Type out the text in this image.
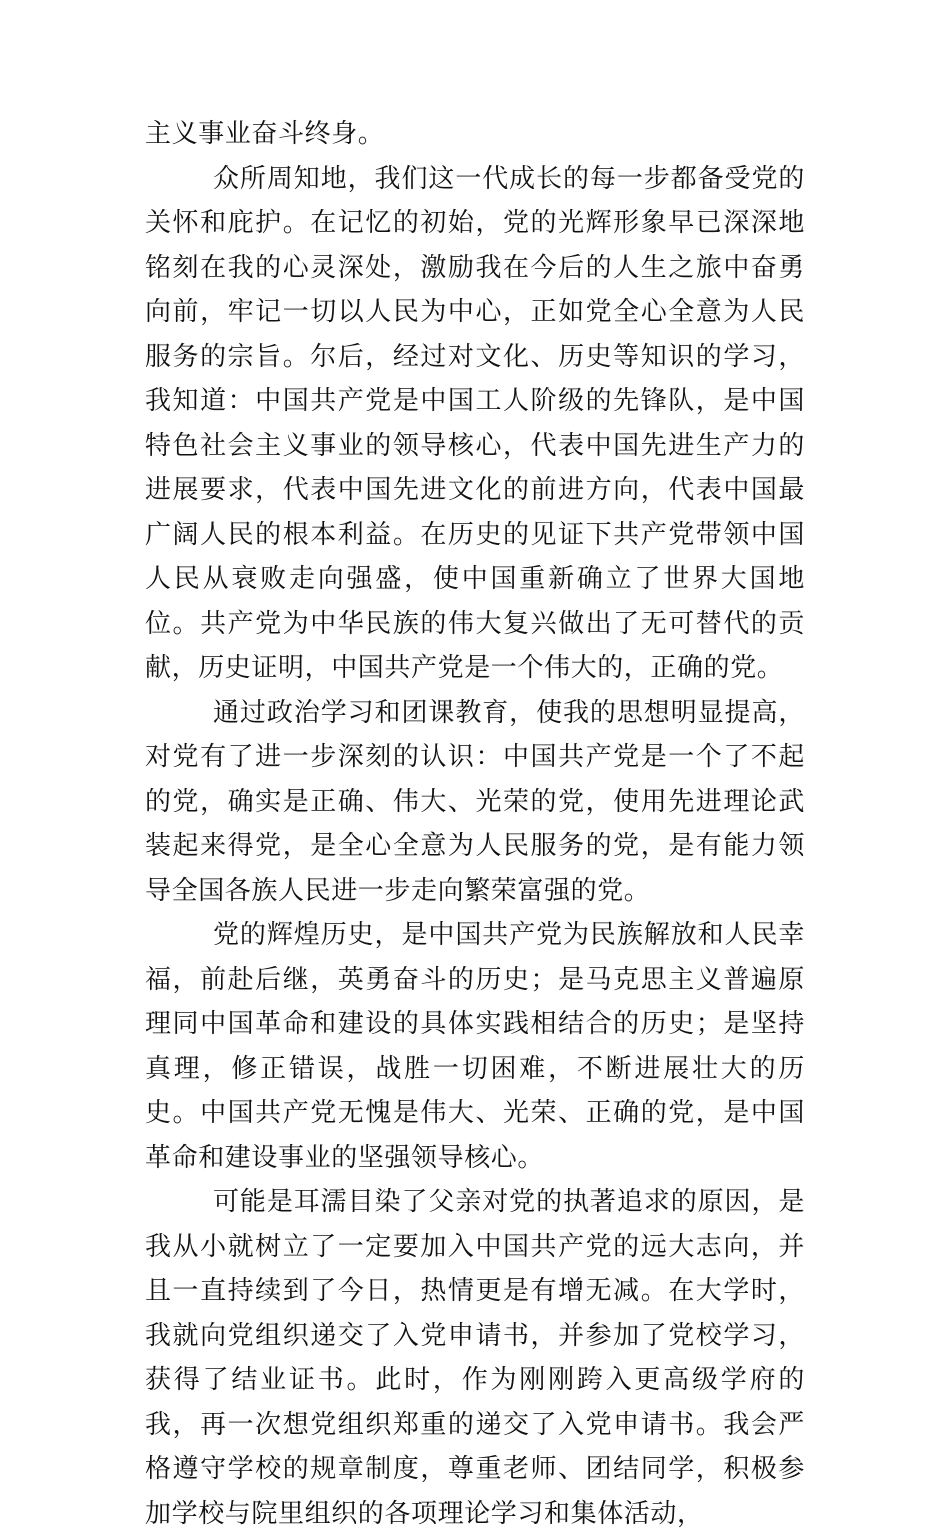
主义事业奋斗终身。

众所周知地，我们这一代成长的每一步都备受党的关怀和庇护。在记忆的初始，党的光辉形象早已深深地铭刻在我的心灵深处，激励我在今后的人生之旅中奋勇向前，牢记一切以人民为中心，正如党全心全意为人民服务的宗旨。尔后，经过对文化、历史等知识的学习，我知道：中国共产党是中国工人阶级的先锋队，是中国特色社会主义事业的领导核心，代表中国先进生产力的进展要求，代表中国先进文化的前进方向，代表中国最广阔人民的根本利益。在历史的见证下共产党带领中国人民从衰败走向强盛，使中国重新确立了世界大国地位。共产党为中华民族的伟大复兴做出了无可替代的贡献，历史证明，中国共产党是一个伟大的，正确的党。

通过政治学习和团课教育，使我的思想明显提高，对党有了进一步深刻的认识：中国共产党是一个了不起的党，确实是正确、伟大、光荣的党，使用先进理论武装起来得党，是全心全意为人民服务的党，是有能力领导全国各族人民进一步走向繁荣富强的党。

党的辉煌历史，是中国共产党为民族解放和人民幸福，前赴后继，英勇奋斗的历史；是马克思主义普遍原理同中国革命和建设的具体实践相结合的历史；是坚持真理，修正错误，战胜一切困难，不断进展壮大的历史。中国共产党无愧是伟大、光荣、正确的党，是中国革命和建设事业的坚强领导核心。

可能是耳濡目染了父亲对党的执著追求的原因，是我从小就树立了一定要加入中国共产党的远大志向，并且一直持续到了今日，热情更是有增无减。在大学时，我就向党组织递交了入党申请书，并参加了党校学习，获得了结业证书。此时，作为刚刚跨入更高级学府的我，再一次想党组织郑重的递交了入党申请书。我会严格遵守学校的规章制度，尊重老师、团结同学，积极参加学校与院里组织的各项理论学习和集体活动，
